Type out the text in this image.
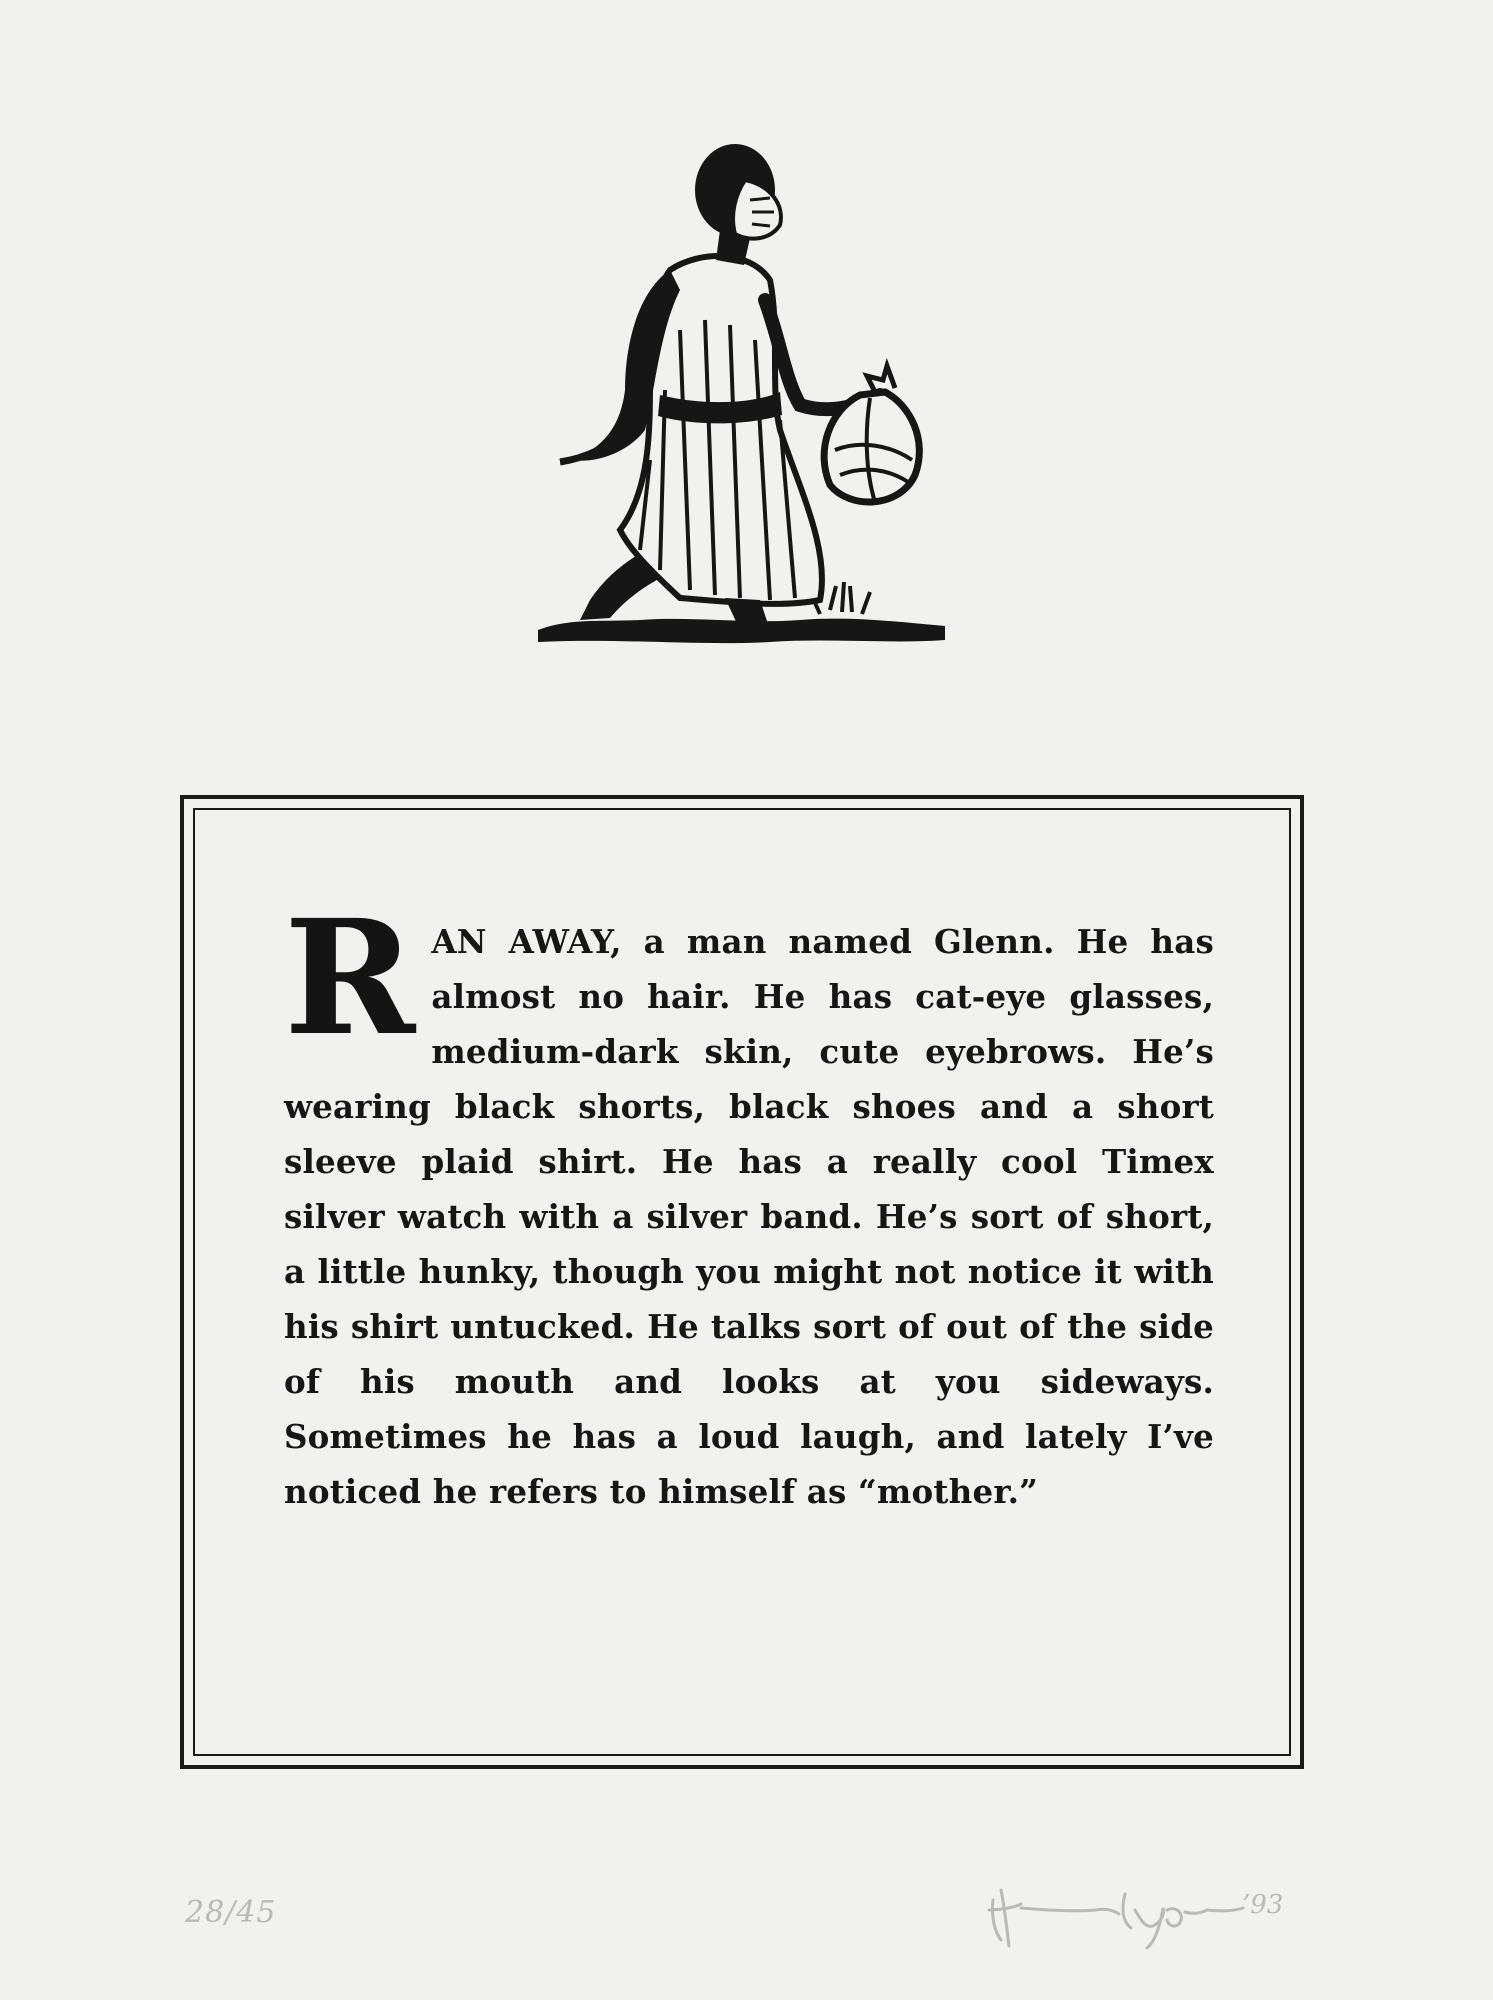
R AN AWAY, a man named Glenn. He has almost no hair. He has cat-eye glasses, medium-dark skin, cute eyebrows. He’s wearing black shorts, black shoes and a short sleeve plaid shirt. He has a really cool Timex silver watch with a silver band. He’s sort of short, a little hunky, though you might not notice it with his shirt untucked. He talks sort of out of the side of his mouth and looks at you sideways. Sometimes he has a loud laugh, and lately I’ve noticed he refers to himself as “mother.”
28/45	’93
